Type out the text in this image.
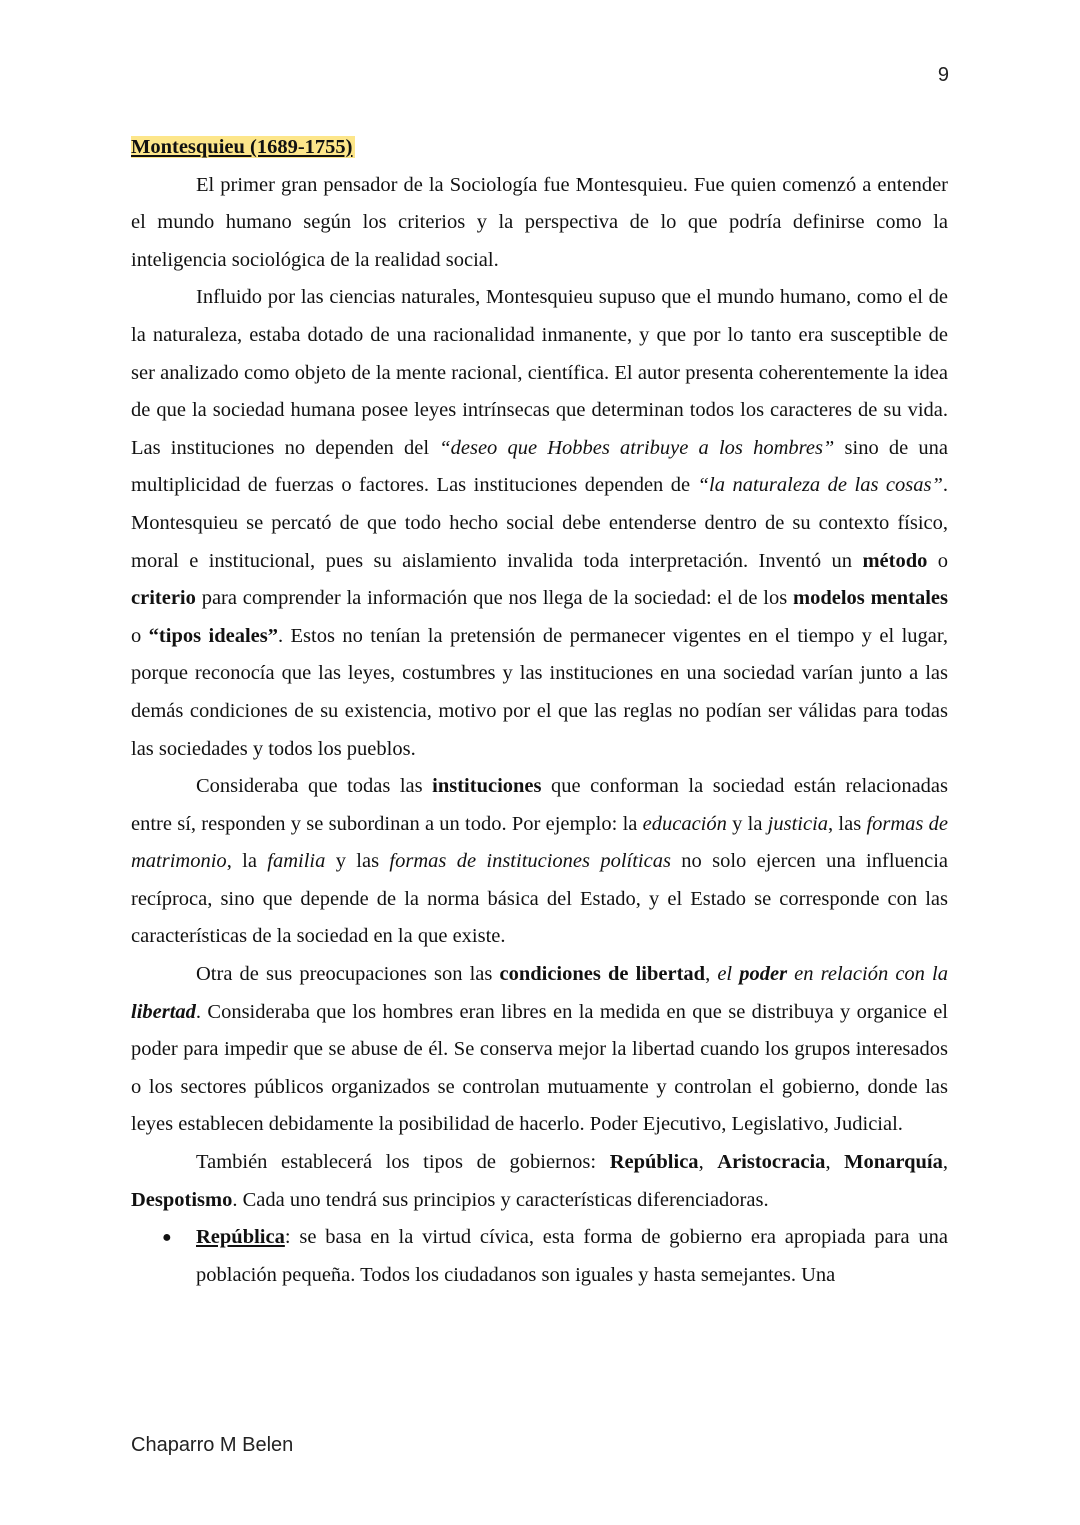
9
Montesquieu (1689-1755)

El primer gran pensador de la Sociología fue Montesquieu. Fue quien comenzó a entender el mundo humano según los criterios y la perspectiva de lo que podría definirse como la inteligencia sociológica de la realidad social.

Influido por las ciencias naturales, Montesquieu supuso que el mundo humano, como el de la naturaleza, estaba dotado de una racionalidad inmanente, y que por lo tanto era susceptible de ser analizado como objeto de la mente racional, científica. El autor presenta coherentemente la idea de que la sociedad humana posee leyes intrínsecas que determinan todos los caracteres de su vida. Las instituciones no dependen del “deseo que Hobbes atribuye a los hombres” sino de una multiplicidad de fuerzas o factores. Las instituciones dependen de “la naturaleza de las cosas”. Montesquieu se percató de que todo hecho social debe entenderse dentro de su contexto físico, moral e institucional, pues su aislamiento invalida toda interpretación. Inventó un método o criterio para comprender la información que nos llega de la sociedad: el de los modelos mentales o “tipos ideales”. Estos no tenían la pretensión de permanecer vigentes en el tiempo y el lugar, porque reconocía que las leyes, costumbres y las instituciones en una sociedad varían junto a las demás condiciones de su existencia, motivo por el que las reglas no podían ser válidas para todas las sociedades y todos los pueblos.

Consideraba que todas las instituciones que conforman la sociedad están relacionadas entre sí, responden y se subordinan a un todo. Por ejemplo: la educación y la justicia, las formas de matrimonio, la familia y las formas de instituciones políticas no solo ejercen una influencia recíproca, sino que depende de la norma básica del Estado, y el Estado se corresponde con las características de la sociedad en la que existe.

Otra de sus preocupaciones son las condiciones de libertad, el poder en relación con la libertad. Consideraba que los hombres eran libres en la medida en que se distribuya y organice el poder para impedir que se abuse de él. Se conserva mejor la libertad cuando los grupos interesados o los sectores públicos organizados se controlan mutuamente y controlan el gobierno, donde las leyes establecen debidamente la posibilidad de hacerlo. Poder Ejecutivo, Legislativo, Judicial.

También establecerá los tipos de gobiernos: República, Aristocracia, Monarquía, Despotismo. Cada uno tendrá sus principios y características diferenciadoras.

● República: se basa en la virtud cívica, esta forma de gobierno era apropiada para una población pequeña. Todos los ciudadanos son iguales y hasta semejantes. Una
Chaparro M Belen
